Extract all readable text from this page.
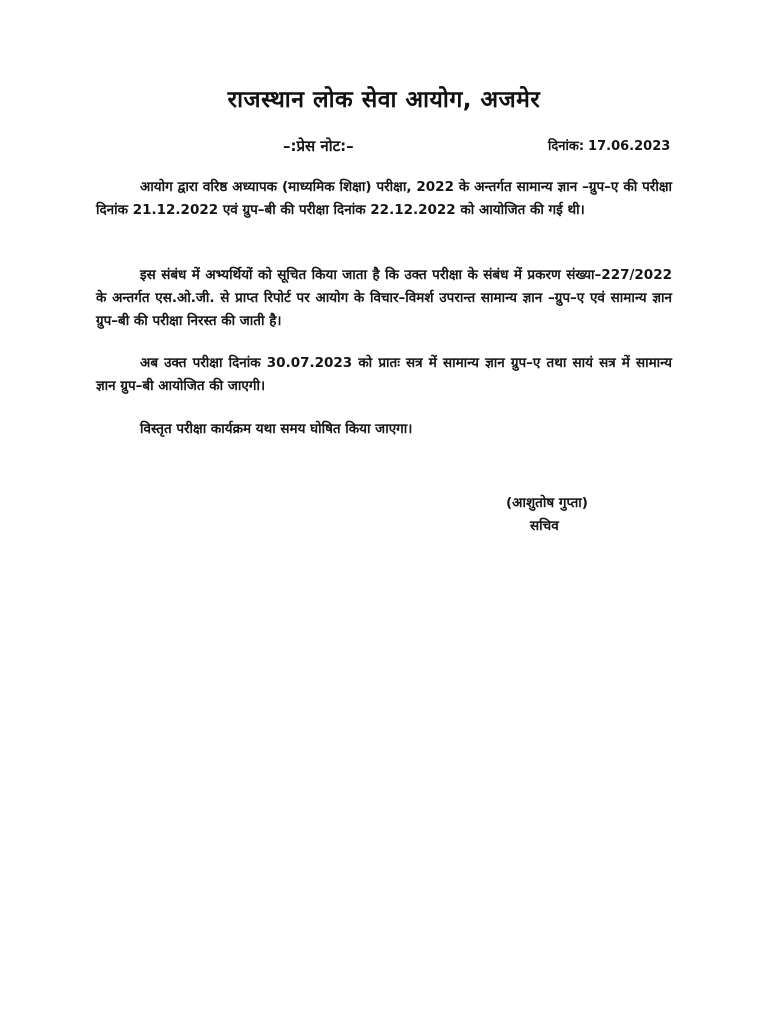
राजस्थान लोक सेवा आयोग, अजमेर
–:प्रेस नोट:–	दिनांक: 17.06.2023
आयोग द्वारा वरिष्ठ अध्यापक (माध्यमिक शिक्षा) परीक्षा, 2022 के अन्तर्गत सामान्य ज्ञान –ग्रुप–ए की परीक्षा दिनांक 21.12.2022 एवं ग्रुप–बी की परीक्षा दिनांक 22.12.2022 को आयोजित की गई थी।
इस संबंध में अभ्यर्थियों को सूचित किया जाता है कि उक्त परीक्षा के संबंध में प्रकरण संख्या–227/2022 के अन्तर्गत एस.ओ.जी. से प्राप्त रिपोर्ट पर आयोग के विचार–विमर्श उपरान्त सामान्य ज्ञान –ग्रुप–ए एवं सामान्य ज्ञान ग्रुप–बी की परीक्षा निरस्त की जाती है।
अब उक्त परीक्षा दिनांक 30.07.2023 को प्रातः सत्र में सामान्य ज्ञान ग्रुप–ए तथा सायं सत्र में सामान्य ज्ञान ग्रुप–बी आयोजित की जाएगी।
विस्तृत परीक्षा कार्यक्रम यथा समय घोषित किया जाएगा।
(आशुतोष गुप्ता)
सचिव
